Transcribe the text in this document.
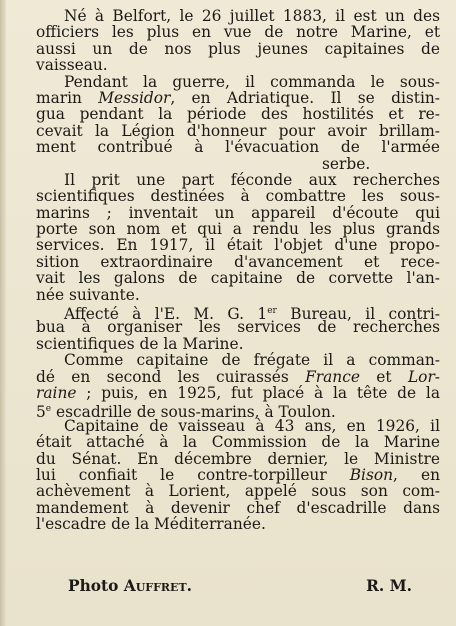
Né à Belfort, le 26 juillet 1883, il est un des
officiers les plus en vue de notre Marine, et
aussi un de nos plus jeunes capitaines de
vaisseau.
Pendant la guerre, il commanda le sous-
marin Messidor, en Adriatique. Il se distin-
gua pendant la période des hostilités et re-
cevait la Légion d'honneur pour avoir brillam-
ment contribué à l'évacuation de l'armée
serbe.
Il prit une part féconde aux recherches
scientifiques destinées à combattre les sous-
marins ; inventait un appareil d'écoute qui
porte son nom et qui a rendu les plus grands
services. En 1917, il était l'objet d'une propo-
sition extraordinaire d'avancement et rece-
vait les galons de capitaine de corvette l'an-
née suivante.
Affecté à l'E. M. G. 1er Bureau, il contri-
bua à organiser les services de recherches
scientifiques de la Marine.
Comme capitaine de frégate il a comman-
dé en second les cuirassés France et Lor-
raine ; puis, en 1925, fut placé à la tête de la
5e escadrille de sous-marins, à Toulon.
Capitaine de vaisseau à 43 ans, en 1926, il
était attaché à la Commission de la Marine
du Sénat. En décembre dernier, le Ministre
lui confiait le contre-torpilleur Bison, en
achèvement à Lorient, appelé sous son com-
mandement à devenir chef d'escadrille dans
l'escadre de la Méditerranée.
Photo Auffret.	R. M.
